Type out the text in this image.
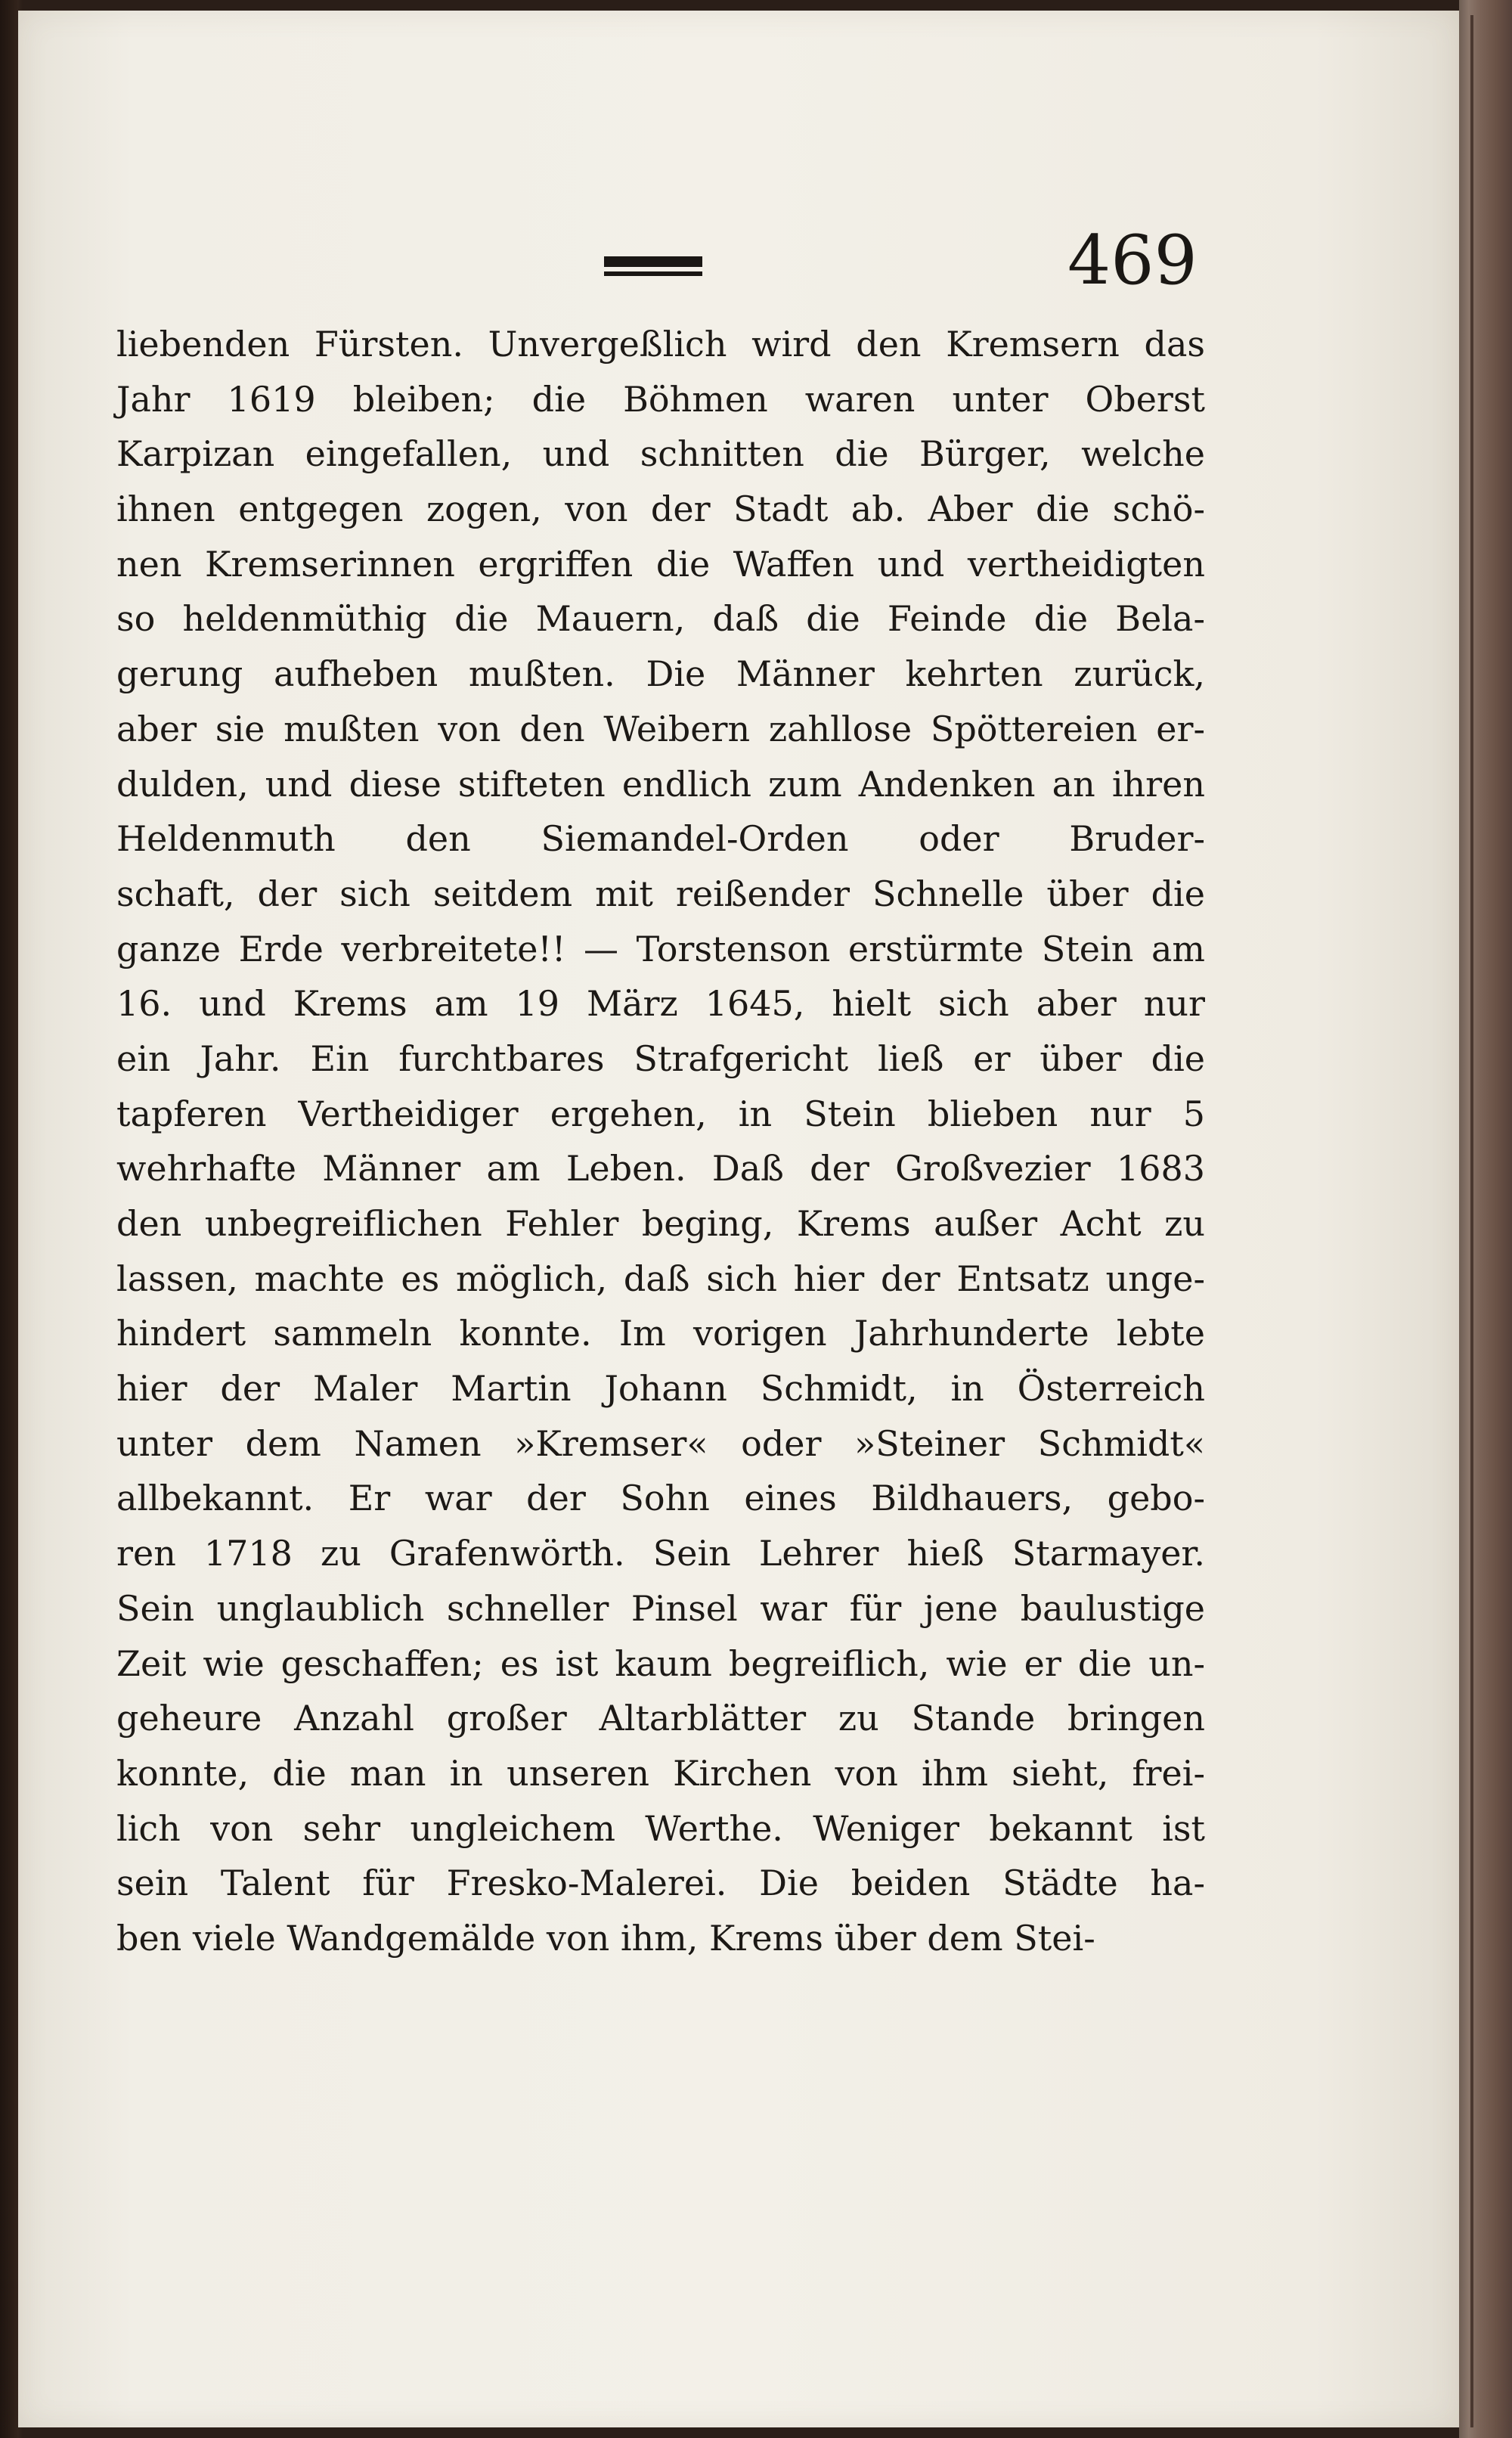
469
liebenden Fürsten. Unvergeßlich wird den Kremsern das
Jahr 1619 bleiben; die Böhmen waren unter Oberst
Karpizan eingefallen, und schnitten die Bürger, welche
ihnen entgegen zogen, von der Stadt ab. Aber die schö-
nen Kremserinnen ergriffen die Waffen und vertheidigten
so heldenmüthig die Mauern, daß die Feinde die Bela-
gerung aufheben mußten. Die Männer kehrten zurück,
aber sie mußten von den Weibern zahllose Spöttereien er-
dulden, und diese stifteten endlich zum Andenken an ihren
Heldenmuth den Siemandel-Orden oder Bruder-
schaft, der sich seitdem mit reißender Schnelle über die
ganze Erde verbreitete!! — Torstenson erstürmte Stein am
16. und Krems am 19 März 1645, hielt sich aber nur
ein Jahr. Ein furchtbares Strafgericht ließ er über die
tapferen Vertheidiger ergehen, in Stein blieben nur 5
wehrhafte Männer am Leben. Daß der Großvezier 1683
den unbegreiflichen Fehler beging, Krems außer Acht zu
lassen, machte es möglich, daß sich hier der Entsatz unge-
hindert sammeln konnte. Im vorigen Jahrhunderte lebte
hier der Maler Martin Johann Schmidt, in Österreich
unter dem Namen »Kremser« oder »Steiner Schmidt«
allbekannt. Er war der Sohn eines Bildhauers, gebo-
ren 1718 zu Grafenwörth. Sein Lehrer hieß Starmayer.
Sein unglaublich schneller Pinsel war für jene baulustige
Zeit wie geschaffen; es ist kaum begreiflich, wie er die un-
geheure Anzahl großer Altarblätter zu Stande bringen
konnte, die man in unseren Kirchen von ihm sieht, frei-
lich von sehr ungleichem Werthe. Weniger bekannt ist
sein Talent für Fresko-Malerei. Die beiden Städte ha-
ben viele Wandgemälde von ihm, Krems über dem Stei-
